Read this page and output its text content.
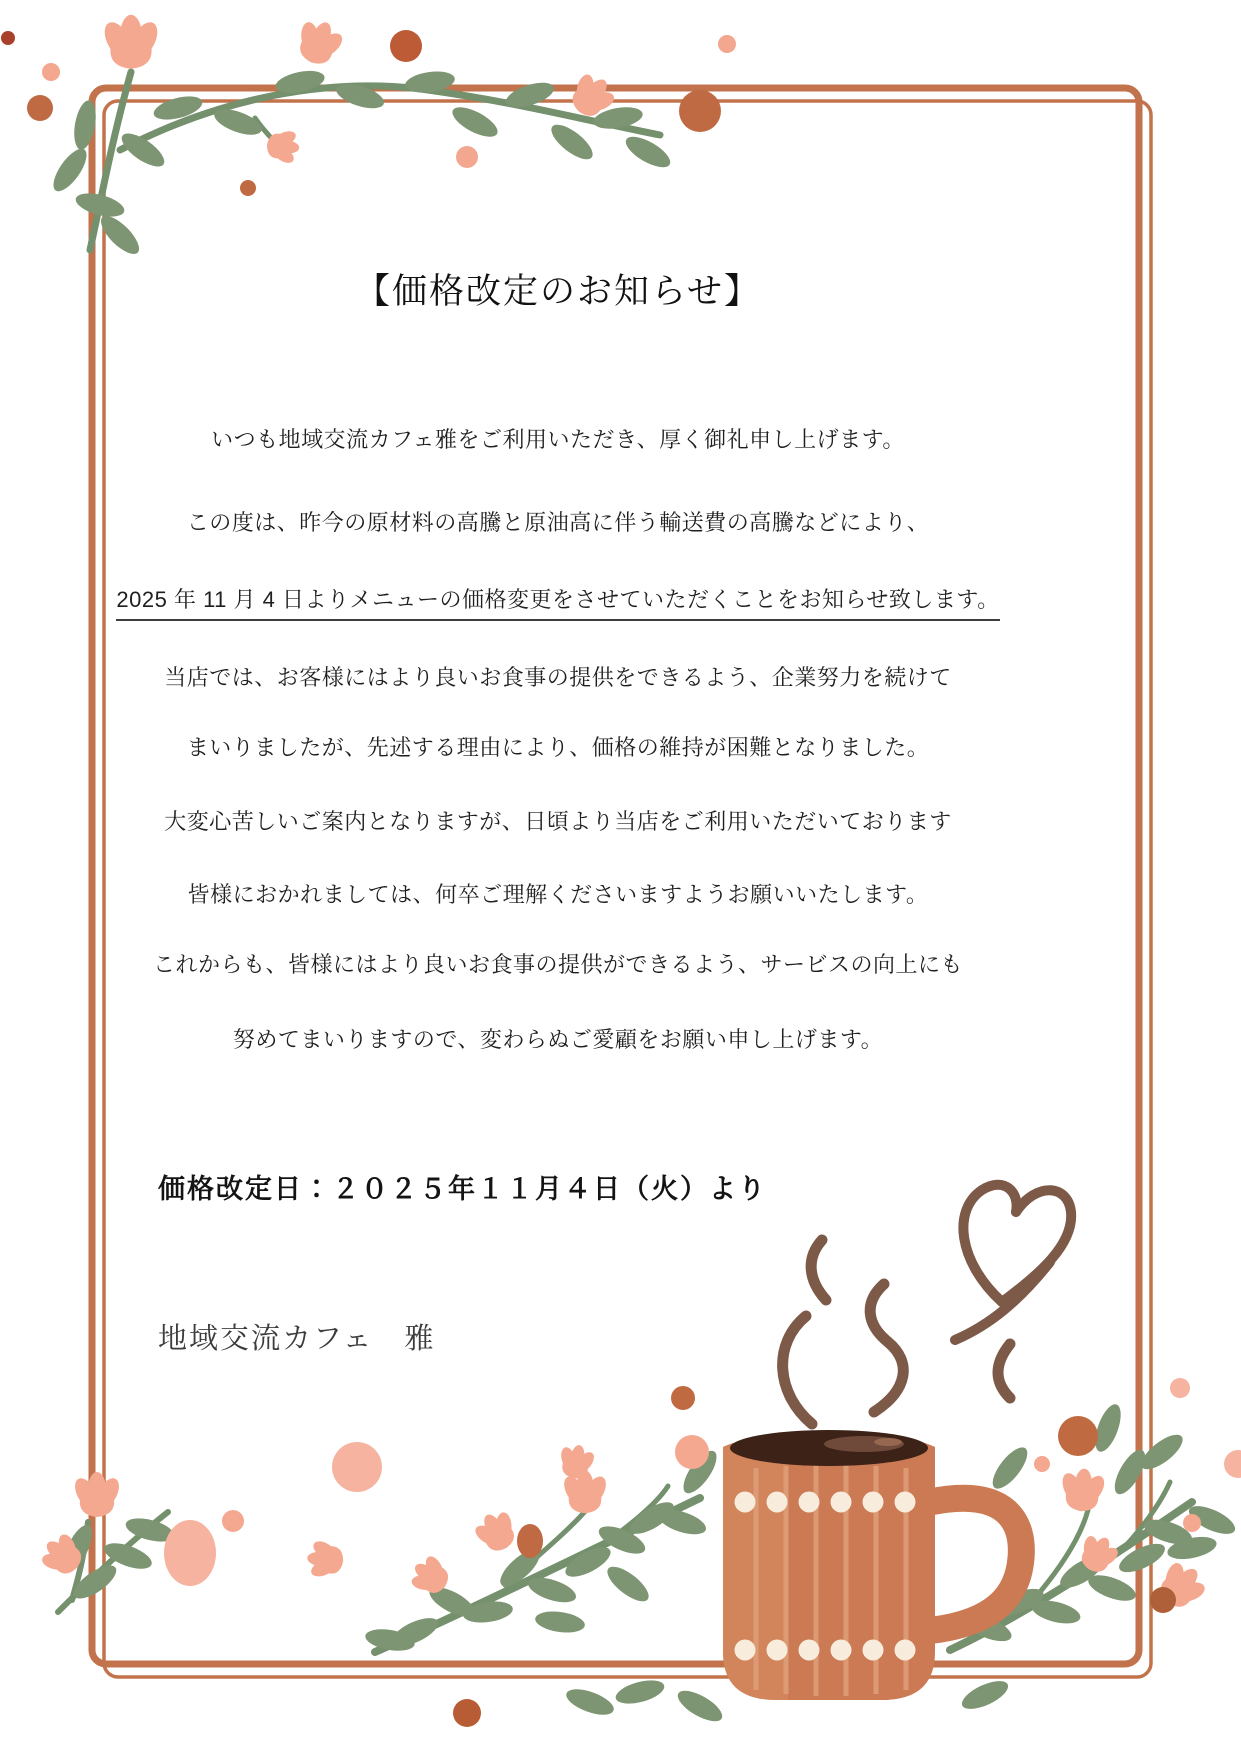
【価格改定のお知らせ】
いつも地域交流カフェ雅をご利用いただき、厚く御礼申し上げます。
この度は、昨今の原材料の高騰と原油高に伴う輸送費の高騰などにより、
2025 年 11 月 4 日よりメニューの価格変更をさせていただくことをお知らせ致します。
当店では、お客様にはより良いお食事の提供をできるよう、企業努力を続けて
まいりましたが、先述する理由により、価格の維持が困難となりました。
大変心苦しいご案内となりますが、日頃より当店をご利用いただいております
皆様におかれましては、何卒ご理解くださいますようお願いいたします。
これからも、皆様にはより良いお食事の提供ができるよう、サービスの向上にも
努めてまいりますので、変わらぬご愛顧をお願い申し上げます。
価格改定日：２０２５年１１月４日（火）より
地域交流カフェ　雅
